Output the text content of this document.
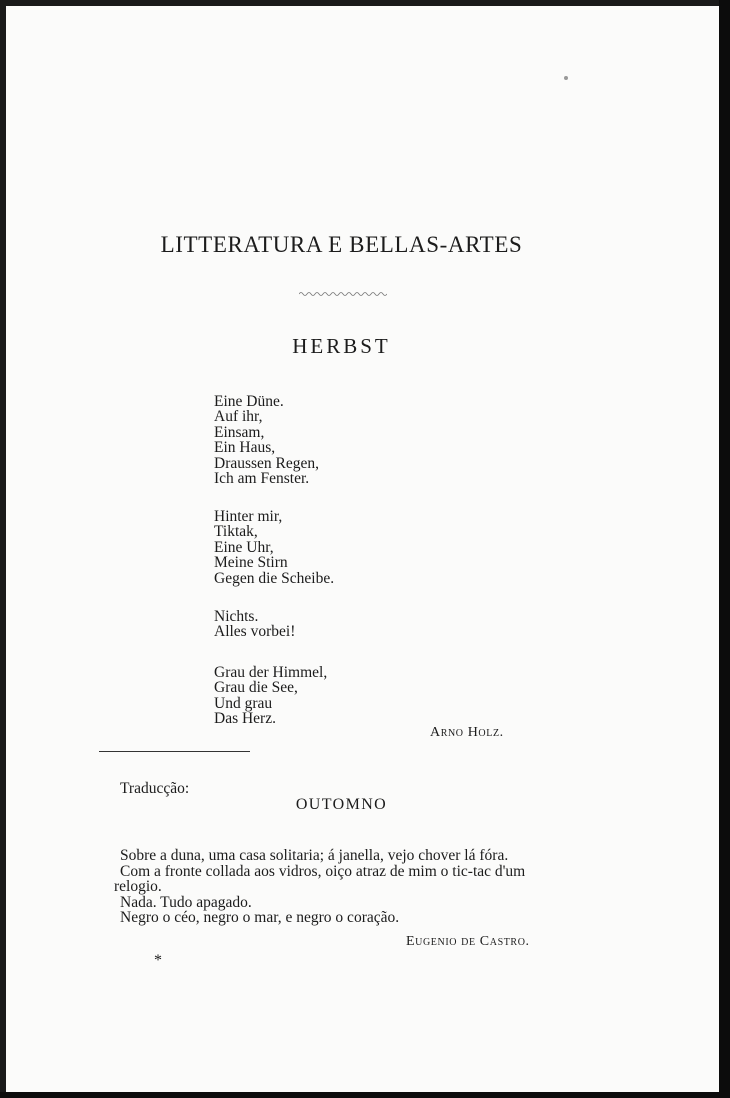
LITTERATURA E BELLAS-ARTES
HERBST
Eine Düne.
Auf ihr,
Einsam,
Ein Haus,
Draussen Regen,
Ich am Fenster.
Hinter mir,
Tiktak,
Eine Uhr,
Meine Stirn
Gegen die Scheibe.
Nichts.
Alles vorbei!
Grau der Himmel,
Grau die See,
Und grau
Das Herz.
Arno Holz.
Traducção:
OUTOMNO
Sobre a duna, uma casa solitaria; á janella, vejo chover lá fóra.
Com a fronte collada aos vidros, oiço atraz de mim o tic-tac d'um
relogio.
Nada. Tudo apagado.
Negro o céo, negro o mar, e negro o coração.
Eugenio de Castro.
*
